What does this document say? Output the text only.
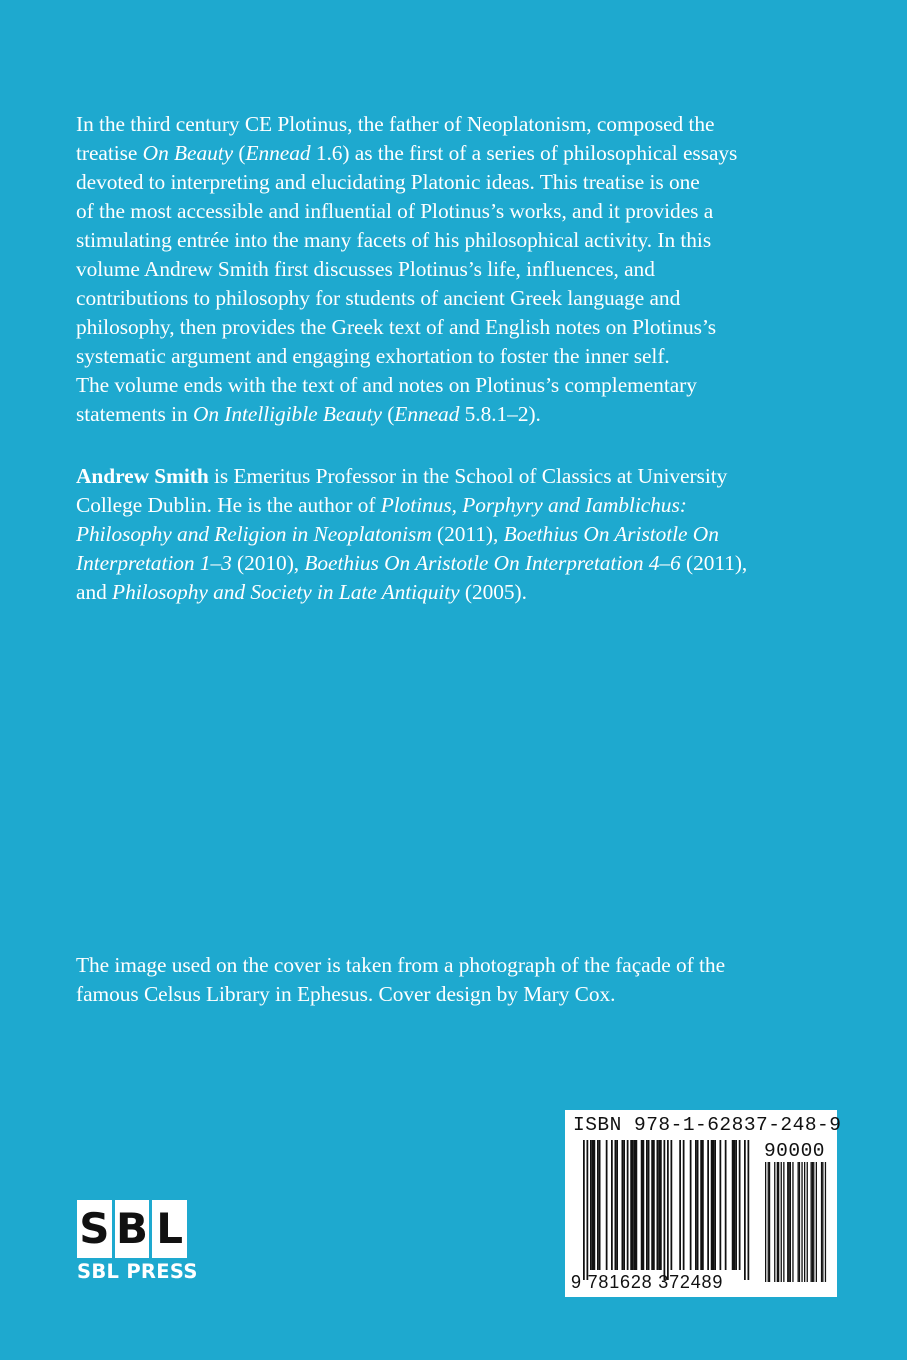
In the third century CE Plotinus, the father of Neoplatonism, composed the
treatise On Beauty (Ennead 1.6) as the first of a series of philosophical essays
devoted to interpreting and elucidating Platonic ideas. This treatise is one
of the most accessible and influential of Plotinus’s works, and it provides a
stimulating entrée into the many facets of his philosophical activity. In this
volume Andrew Smith first discusses Plotinus’s life, influences, and
contributions to philosophy for students of ancient Greek language and
philosophy, then provides the Greek text of and English notes on Plotinus’s
systematic argument and engaging exhortation to foster the inner self.
The volume ends with the text of and notes on Plotinus’s complementary
statements in On Intelligible Beauty (Ennead 5.8.1–2).
Andrew Smith is Emeritus Professor in the School of Classics at University
College Dublin. He is the author of Plotinus, Porphyry and Iamblichus:
Philosophy and Religion in Neoplatonism (2011), Boethius On Aristotle On
Interpretation 1–3 (2010), Boethius On Aristotle On Interpretation 4–6 (2011),
and Philosophy and Society in Late Antiquity (2005).
The image used on the cover is taken from a photograph of the façade of the
famous Celsus Library in Ephesus. Cover design by Mary Cox.
ISBN 978-1-62837-248-9
90000
9 781628 372489
S B L
SBL PRESS
